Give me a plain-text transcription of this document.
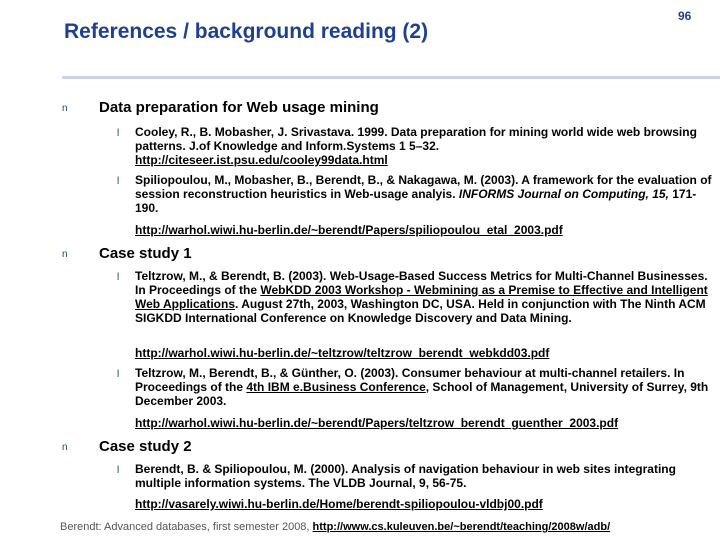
References / background reading (2)
96
n Data preparation for Web usage mining
l Cooley, R., B. Mobasher, J. Srivastava. 1999. Data preparation for mining world wide web browsing patterns. J.of Knowledge and Inform.Systems 1 5–32.
http://citeseer.ist.psu.edu/cooley99data.html
l Spiliopoulou, M., Mobasher, B., Berendt, B., & Nakagawa, M. (2003). A framework for the evaluation of session reconstruction heuristics in Web-usage analyis. INFORMS Journal on Computing, 15, 171-190.
http://warhol.wiwi.hu-berlin.de/~berendt/Papers/spiliopoulou_etal_2003.pdf
n Case study 1
l Teltzrow, M., & Berendt, B. (2003). Web-Usage-Based Success Metrics for Multi-Channel Businesses. In Proceedings of the WebKDD 2003 Workshop - Webmining as a Premise to Effective and Intelligent Web Applications. August 27th, 2003, Washington DC, USA. Held in conjunction with The Ninth ACM SIGKDD International Conference on Knowledge Discovery and Data Mining.
http://warhol.wiwi.hu-berlin.de/~teltzrow/teltzrow_berendt_webkdd03.pdf
l Teltzrow, M., Berendt, B., & Günther, O. (2003). Consumer behaviour at multi-channel retailers. In Proceedings of the 4th IBM e.Business Conference, School of Management, University of Surrey, 9th December 2003.
http://warhol.wiwi.hu-berlin.de/~berendt/Papers/teltzrow_berendt_guenther_2003.pdf
n Case study 2
l Berendt, B. & Spiliopoulou, M. (2000). Analysis of navigation behaviour in web sites integrating multiple information systems. The VLDB Journal, 9, 56-75.
http://vasarely.wiwi.hu-berlin.de/Home/berendt-spiliopoulou-vldbj00.pdf
Berendt: Advanced databases, first semester 2008, http://www.cs.kuleuven.be/~berendt/teaching/2008w/adb/
